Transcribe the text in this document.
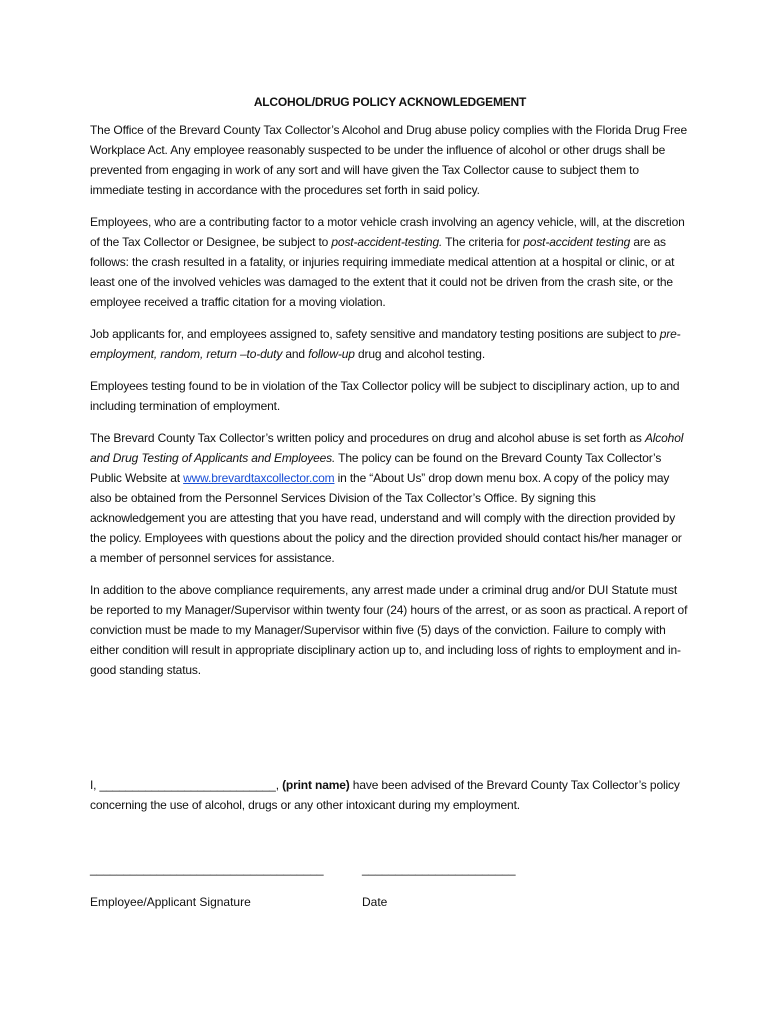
ALCOHOL/DRUG POLICY ACKNOWLEDGEMENT

The Office of the Brevard County Tax Collector’s Alcohol and Drug abuse policy complies with the Florida Drug Free Workplace Act. Any employee reasonably suspected to be under the influence of alcohol or other drugs shall be prevented from engaging in work of any sort and will have given the Tax Collector cause to subject them to immediate testing in accordance with the procedures set forth in said policy.

Employees, who are a contributing factor to a motor vehicle crash involving an agency vehicle, will, at the discretion of the Tax Collector or Designee, be subject to post-accident-testing. The criteria for post-accident testing are as follows: the crash resulted in a fatality, or injuries requiring immediate medical attention at a hospital or clinic, or at least one of the involved vehicles was damaged to the extent that it could not be driven from the crash site, or the employee received a traffic citation for a moving violation.

Job applicants for, and employees assigned to, safety sensitive and mandatory testing positions are subject to pre-employment, random, return –to-duty and follow-up drug and alcohol testing.

Employees testing found to be in violation of the Tax Collector policy will be subject to disciplinary action, up to and including termination of employment.

The Brevard County Tax Collector’s written policy and procedures on drug and alcohol abuse is set forth as Alcohol and Drug Testing of Applicants and Employees. The policy can be found on the Brevard County Tax Collector’s Public Website at www.brevardtaxcollector.com in the “About Us” drop down menu box. A copy of the policy may also be obtained from the Personnel Services Division of the Tax Collector’s Office. By signing this acknowledgement you are attesting that you have read, understand and will comply with the direction provided by the policy. Employees with questions about the policy and the direction provided should contact his/her manager or a member of personnel services for assistance.

In addition to the above compliance requirements, any arrest made under a criminal drug and/or DUI Statute must be reported to my Manager/Supervisor within twenty four (24) hours of the arrest, or as soon as practical. A report of conviction must be made to my Manager/Supervisor within five (5) days of the conviction. Failure to comply with either condition will result in appropriate disciplinary action up to, and including loss of rights to employment and in-good standing status.

I, ___________________________, (print name) have been advised of the Brevard County Tax Collector’s policy concerning the use of alcohol, drugs or any other intoxicant during my employment.
___________________________________	_______________________
Employee/Applicant Signature	Date
